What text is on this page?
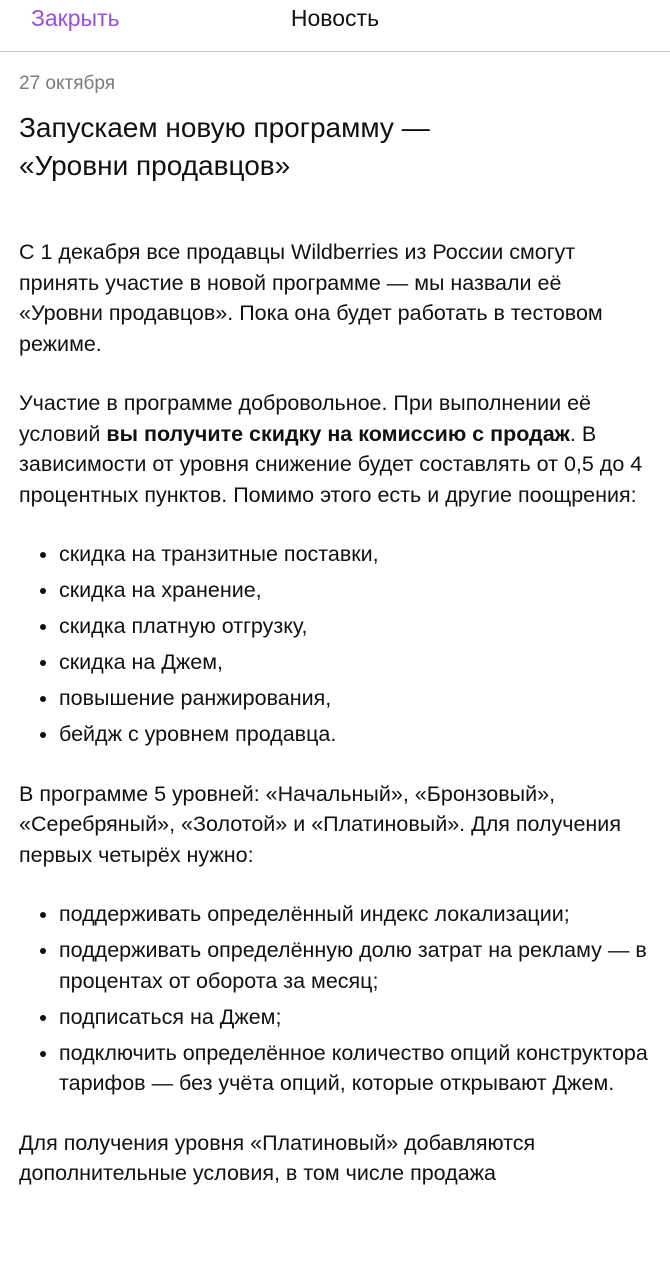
Закрыть	Новость
27 октября
Запускаем новую программу — «Уровни продавцов»

С 1 декабря все продавцы Wildberries из России смогут принять участие в новой программе — мы назвали её «Уровни продавцов». Пока она будет работать в тестовом режиме.

Участие в программе добровольное. При выполнении её условий вы получите скидку на комиссию с продаж. В зависимости от уровня снижение будет составлять от 0,5 до 4 процентных пунктов. Помимо этого есть и другие поощрения:

• скидка на транзитные поставки,
• скидка на хранение,
• скидка платную отгрузку,
• скидка на Джем,
• повышение ранжирования,
• бейдж с уровнем продавца.

В программе 5 уровней: «Начальный», «Бронзовый», «Серебряный», «Золотой» и «Платиновый». Для получения первых четырёх нужно:

• поддерживать определённый индекс локализации;
• поддерживать определённую долю затрат на рекламу — в процентах от оборота за месяц;
• подписаться на Джем;
• подключить определённое количество опций конструктора тарифов — без учёта опций, которые открывают Джем.

Для получения уровня «Платиновый» добавляются дополнительные условия, в том числе продажа
